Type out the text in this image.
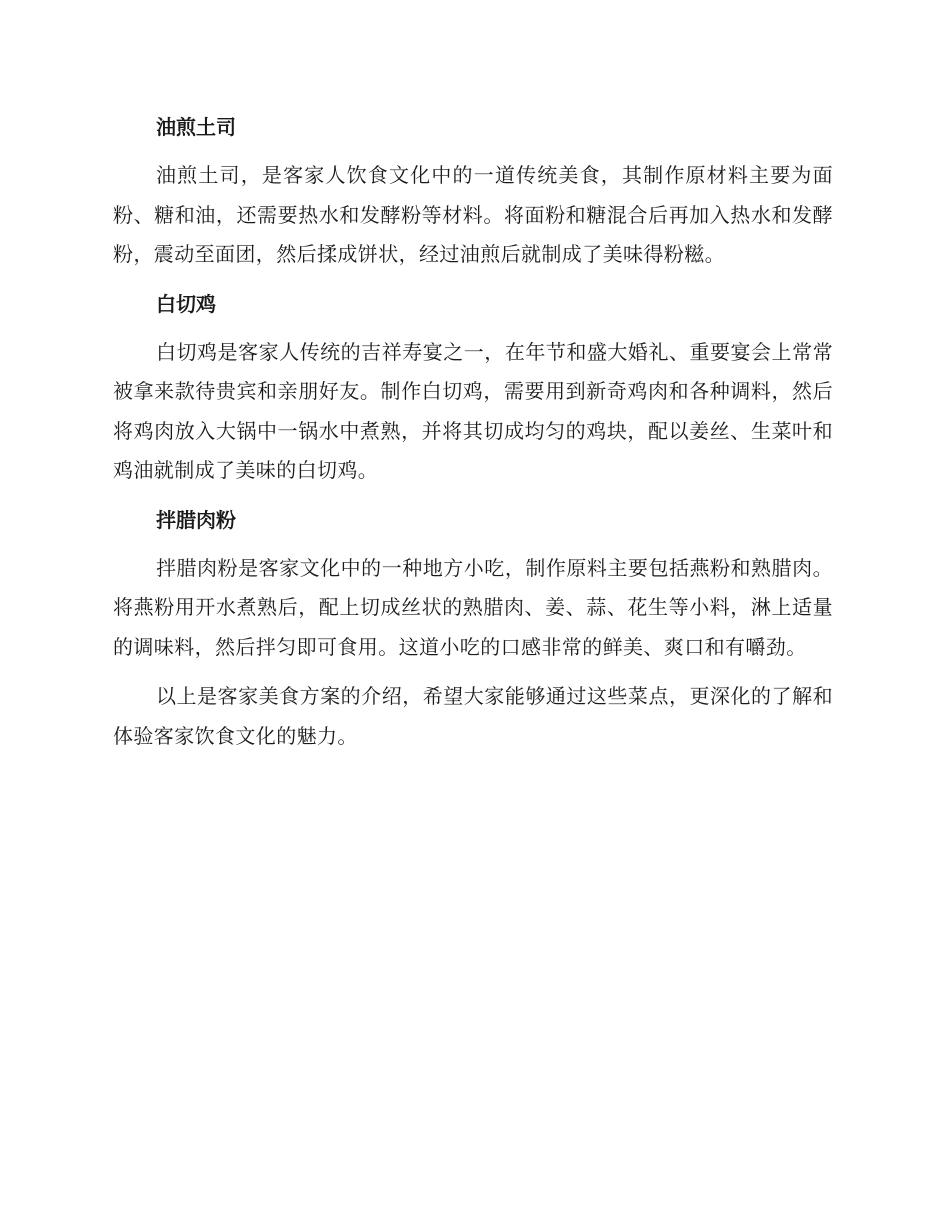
油煎土司

油煎土司，是客家人饮食文化中的一道传统美食，其制作原材料主要为面粉、糖和油，还需要热水和发酵粉等材料。将面粉和糖混合后再加入热水和发酵粉，震动至面团，然后揉成饼状，经过油煎后就制成了美味得粉糍。

白切鸡

白切鸡是客家人传统的吉祥寿宴之一，在年节和盛大婚礼、重要宴会上常常被拿来款待贵宾和亲朋好友。制作白切鸡，需要用到新奇鸡肉和各种调料，然后将鸡肉放入大锅中一锅水中煮熟，并将其切成均匀的鸡块，配以姜丝、生菜叶和鸡油就制成了美味的白切鸡。

拌腊肉粉

拌腊肉粉是客家文化中的一种地方小吃，制作原料主要包括燕粉和熟腊肉。将燕粉用开水煮熟后，配上切成丝状的熟腊肉、姜、蒜、花生等小料，淋上适量的调味料，然后拌匀即可食用。这道小吃的口感非常的鲜美、爽口和有嚼劲。

以上是客家美食方案的介绍，希望大家能够通过这些菜点，更深化的了解和体验客家饮食文化的魅力。
